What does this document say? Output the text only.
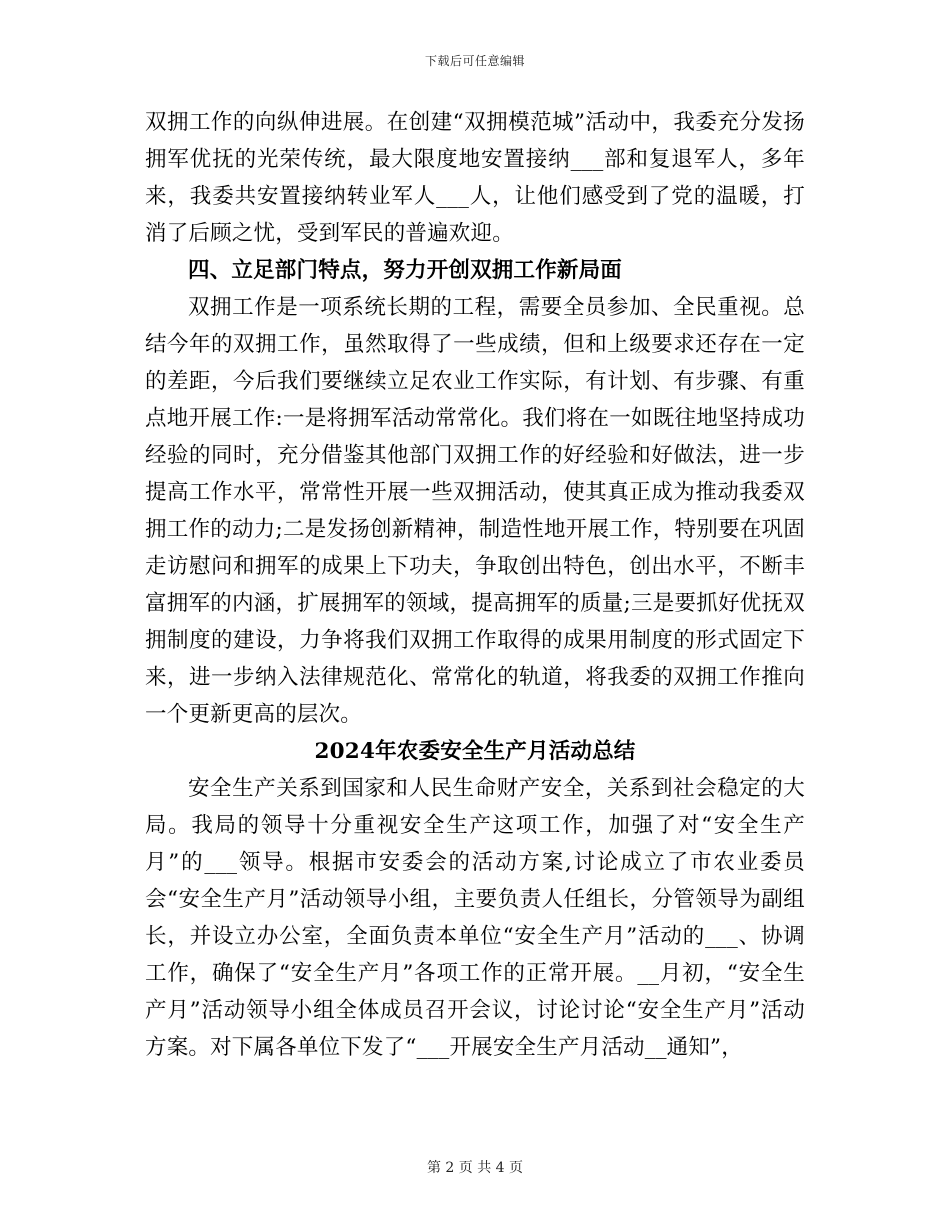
下载后可任意编辑

双拥工作的向纵伸进展。在创建“双拥模范城”活动中，我委充分发扬拥军优抚的光荣传统，最大限度地安置接纳___部和复退军人，多年来，我委共安置接纳转业军人___人，让他们感受到了党的温暖，打消了后顾之忧，受到军民的普遍欢迎。

四、立足部门特点，努力开创双拥工作新局面

双拥工作是一项系统长期的工程，需要全员参加、全民重视。总结今年的双拥工作，虽然取得了一些成绩，但和上级要求还存在一定的差距，今后我们要继续立足农业工作实际，有计划、有步骤、有重点地开展工作:一是将拥军活动常常化。我们将在一如既往地坚持成功经验的同时，充分借鉴其他部门双拥工作的好经验和好做法，进一步提高工作水平，常常性开展一些双拥活动，使其真正成为推动我委双拥工作的动力;二是发扬创新精神，制造性地开展工作，特别要在巩固走访慰问和拥军的成果上下功夫，争取创出特色，创出水平，不断丰富拥军的内涵，扩展拥军的领域，提高拥军的质量;三是要抓好优抚双拥制度的建设，力争将我们双拥工作取得的成果用制度的形式固定下来，进一步纳入法律规范化、常常化的轨道，将我委的双拥工作推向一个更新更高的层次。

2024年农委安全生产月活动总结

安全生产关系到国家和人民生命财产安全，关系到社会稳定的大局。我局的领导十分重视安全生产这项工作，加强了对“安全生产月”的___领导。根据市安委会的活动方案,讨论成立了市农业委员会“安全生产月”活动领导小组，主要负责人任组长，分管领导为副组长，并设立办公室，全面负责本单位“安全生产月”活动的___、协调工作，确保了“安全生产月”各项工作的正常开展。__月初，“安全生产月”活动领导小组全体成员召开会议，讨论讨论“安全生产月”活动方案。对下属各单位下发了“___开展安全生产月活动__通知”，

第 2 页 共 4 页
